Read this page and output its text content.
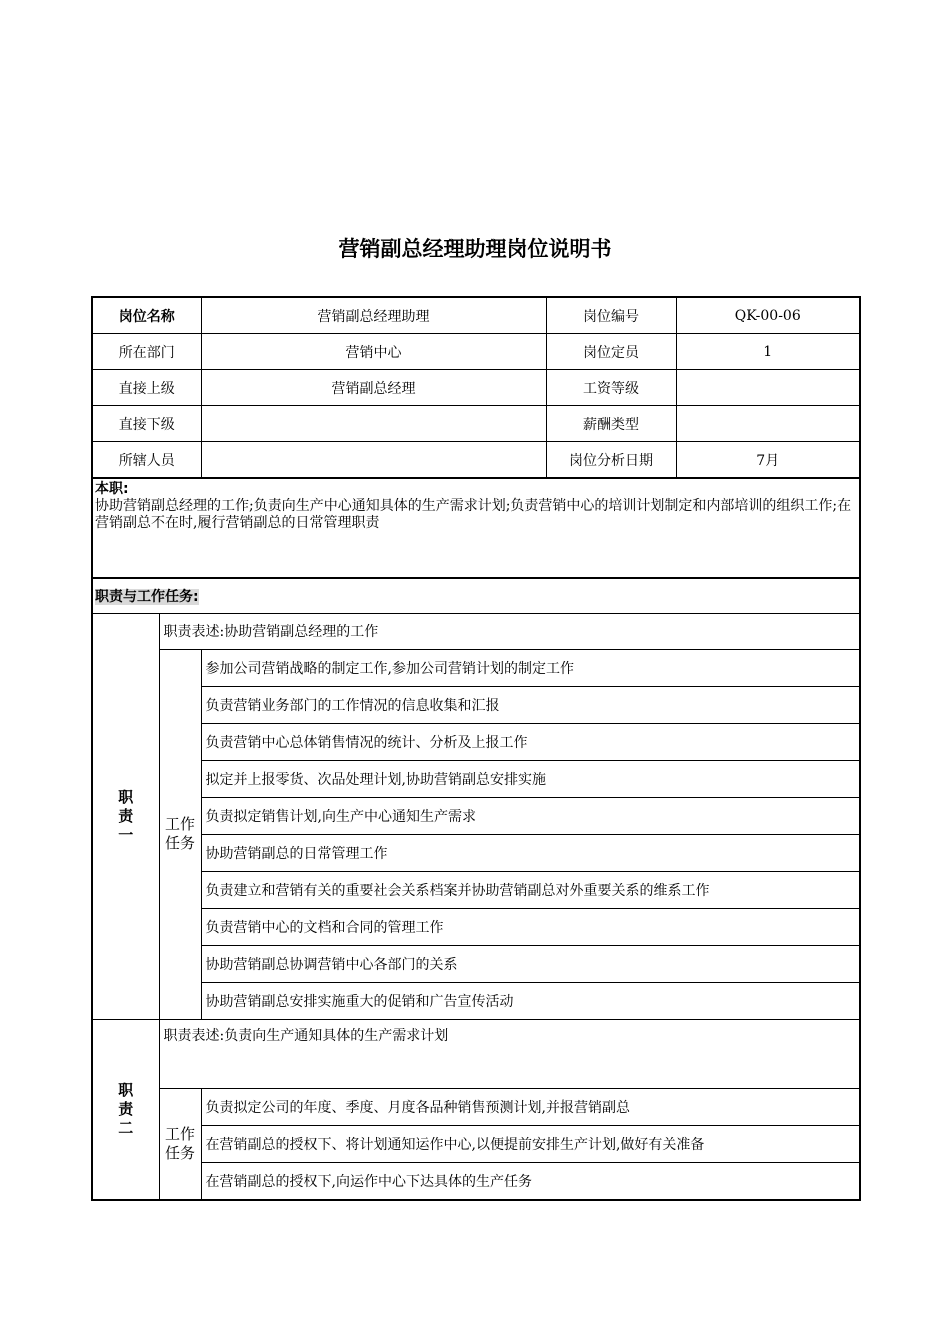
营销副总经理助理岗位说明书
岗位名称		营销副总经理助理	岗位编号	QK-00-06
所在部门		营销中心	岗位定员	1
直接上级		营销副总经理	工资等级	
直接下级			薪酬类型	
所辖人员			岗位分析日期	7月

本职:
协助营销副总经理的工作;负责向生产中心通知具体的生产需求计划;负责营销中心的培训计划制定和内部培训的组织工作;在营销副总不在时,履行营销副总的日常管理职责				

职责与工作任务:				

职责一	职责表述:协助营销副总经理的工作			

	工作任务	参加公司营销战略的制定工作,参加公司营销计划的制定工作		
		负责营销业务部门的工作情况的信息收集和汇报		
		负责营销中心总体销售情况的统计、分析及上报工作		
		拟定并上报零货、次品处理计划,协助营销副总安排实施		
		负责拟定销售计划,向生产中心通知生产需求		
		协助营销副总的日常管理工作		
		负责建立和营销有关的重要社会关系档案并协助营销副总对外重要关系的维系工作		
		负责营销中心的文档和合同的管理工作		
		协助营销副总协调营销中心各部门的关系		
		协助营销副总安排实施重大的促销和广告宣传活动		

职责二	职责表述:负责向生产通知具体的生产需求计划			

	工作任务	负责拟定公司的年度、季度、月度各品种销售预测计划,并报营销副总		
		在营销副总的授权下、将计划通知运作中心,以便提前安排生产计划,做好有关准备		
		在营销副总的授权下,向运作中心下达具体的生产任务		
